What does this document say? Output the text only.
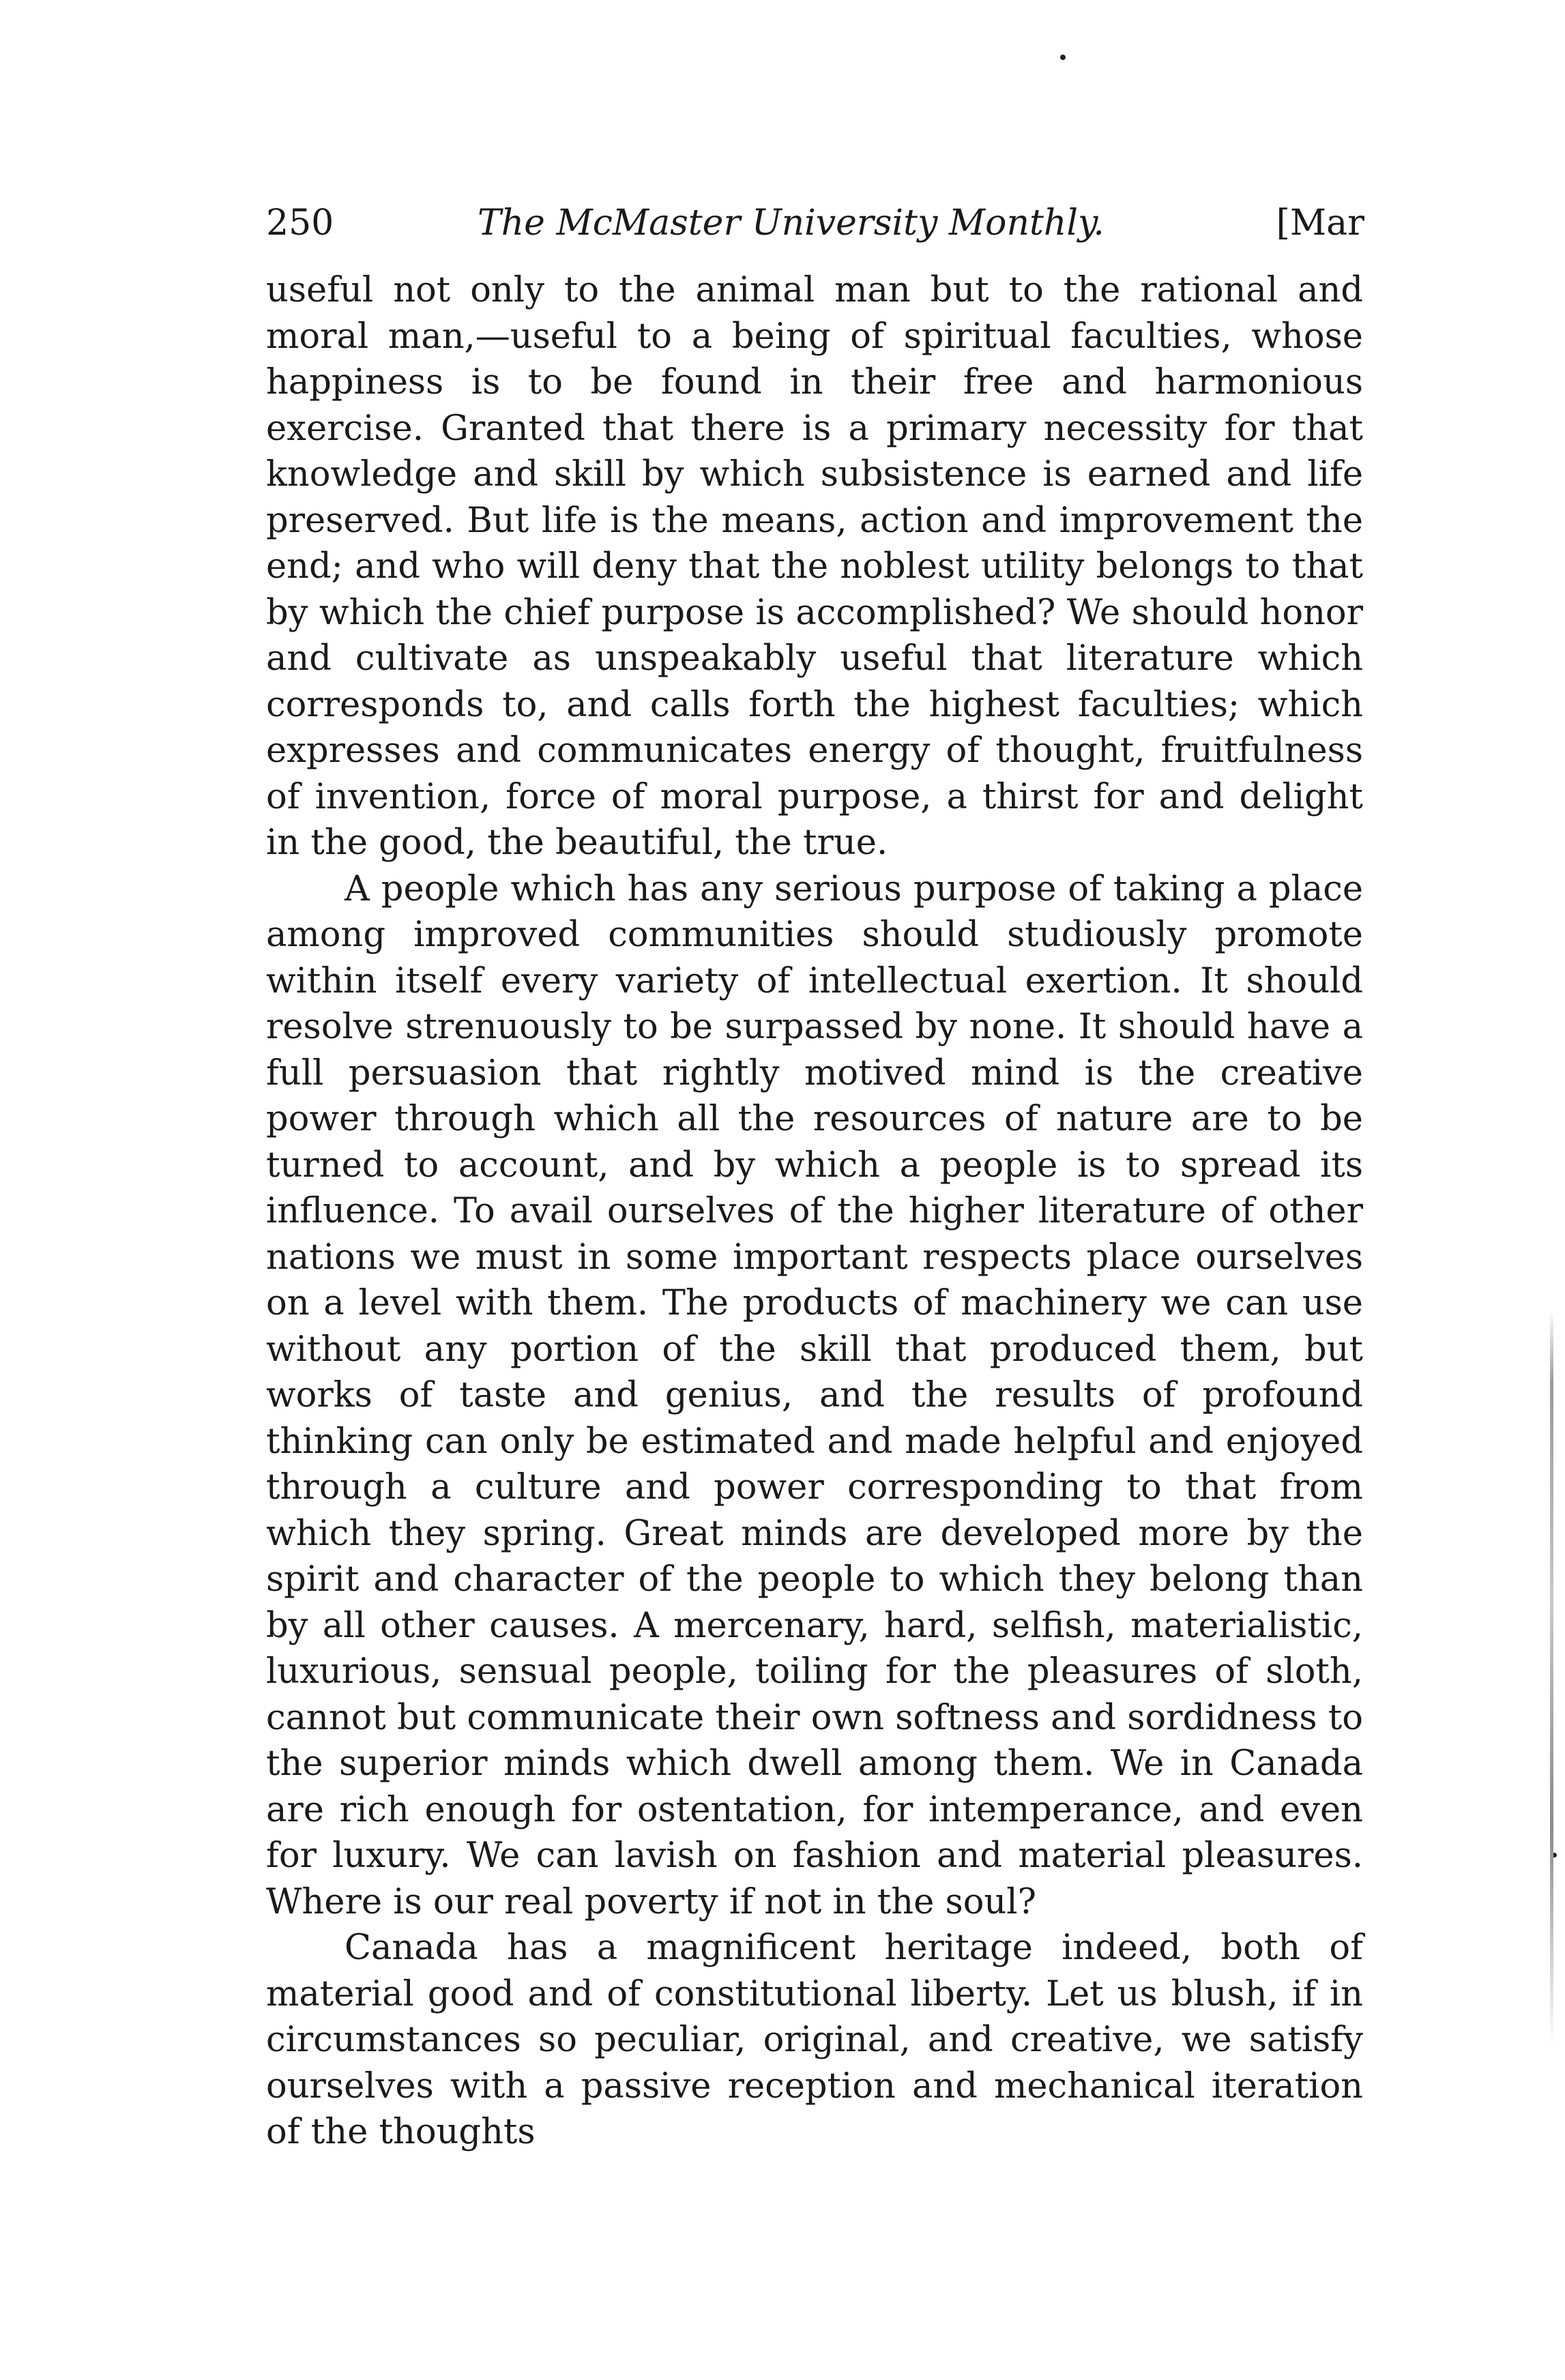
250	The McMaster University Monthly.	[Mar

useful not only to the animal man but to the rational and moral man,—useful to a being of spiritual faculties, whose happiness is to be found in their free and harmonious exercise. Granted that there is a primary necessity for that knowledge and skill by which subsistence is earned and life preserved. But life is the means, action and improvement the end; and who will deny that the noblest utility belongs to that by which the chief purpose is accomplished? We should honor and cultivate as unspeakably useful that literature which corresponds to, and calls forth the highest faculties; which expresses and communicates energy of thought, fruitfulness of invention, force of moral purpose, a thirst for and delight in the good, the beautiful, the true.

A people which has any serious purpose of taking a place among improved communities should studiously promote within itself every variety of intellectual exertion. It should resolve strenuously to be surpassed by none. It should have a full persuasion that rightly motived mind is the creative power through which all the resources of nature are to be turned to account, and by which a people is to spread its influence. To avail ourselves of the higher literature of other nations we must in some important respects place ourselves on a level with them. The products of machinery we can use without any portion of the skill that produced them, but works of taste and genius, and the results of profound thinking can only be estimated and made helpful and enjoyed through a culture and power corresponding to that from which they spring. Great minds are developed more by the spirit and character of the people to which they belong than by all other causes. A mercenary, hard, selfish, materialistic, luxurious, sensual people, toiling for the pleasures of sloth, cannot but communicate their own softness and sordidness to the superior minds which dwell among them. We in Canada are rich enough for ostentation, for intemperance, and even for luxury. We can lavish on fashion and material pleasures. Where is our real poverty if not in the soul?

Canada has a magnificent heritage indeed, both of material good and of constitutional liberty. Let us blush, if in circumstances so peculiar, original, and creative, we satisfy ourselves with a passive reception and mechanical iteration of the thoughts
